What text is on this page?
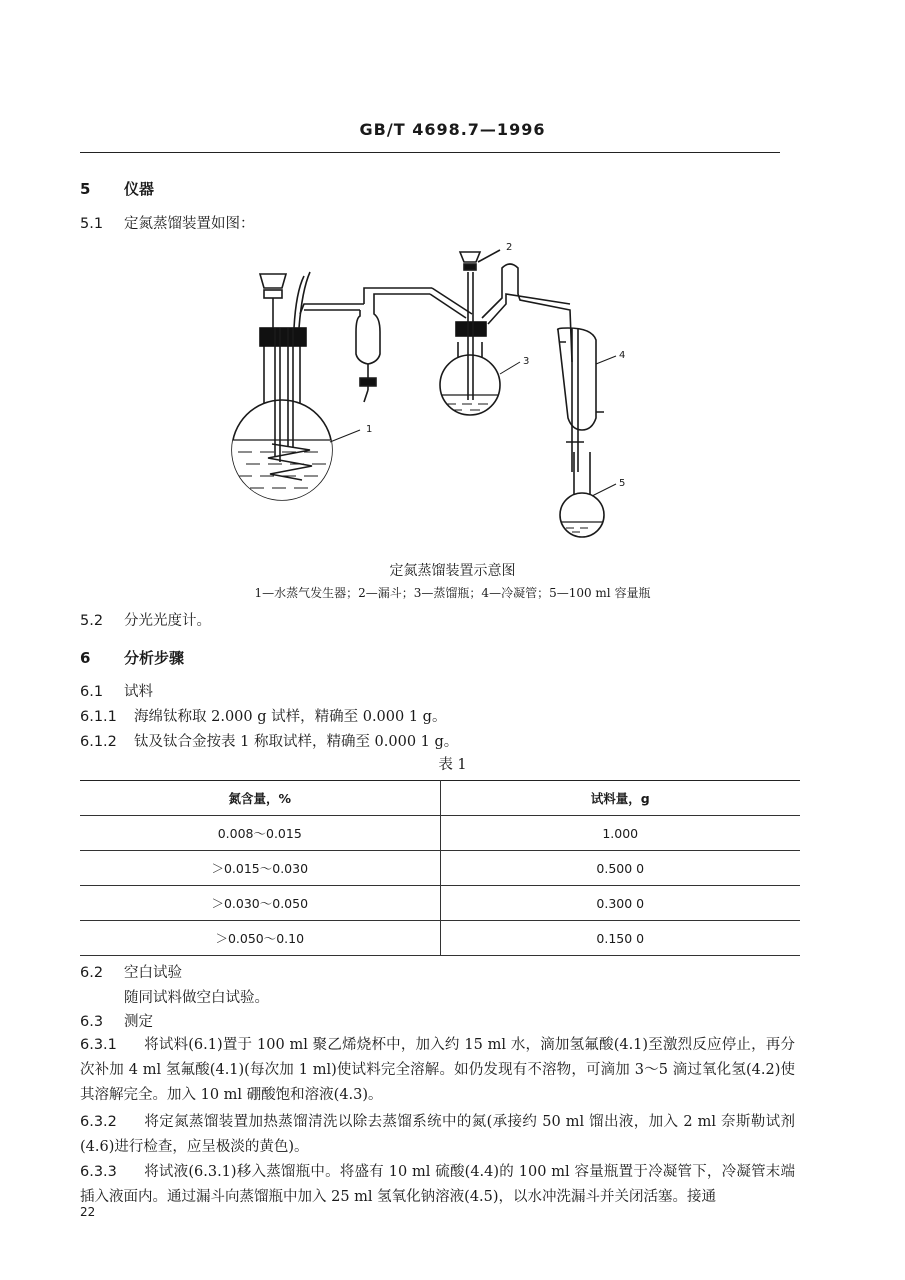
GB/T 4698.7—1996
5 仪器
5.1 定氮蒸馏装置如图：
1
2
3
4
5
定氮蒸馏装置示意图
1—水蒸气发生器；2—漏斗；3—蒸馏瓶；4—冷凝管；5—100 ml 容量瓶
5.2 分光光度计。
6 分析步骤
6.1 试料
6.1.1 海绵钛称取 2.000 g 试样，精确至 0.000 1 g。
6.1.2 钛及钛合金按表 1 称取试样，精确至 0.000 1 g。
表 1
氮含量，%	试料量，g
0.008～0.015	1.000
＞0.015～0.030	0.500 0
＞0.030～0.050	0.300 0
＞0.050～0.10	0.150 0
6.2 空白试验
随同试料做空白试验。
6.3 测定
6.3.1 将试料(6.1)置于 100 ml 聚乙烯烧杯中，加入约 15 ml 水，滴加氢氟酸(4.1)至激烈反应停止，再分次补加 4 ml 氢氟酸(4.1)(每次加 1 ml)使试料完全溶解。如仍发现有不溶物，可滴加 3～5 滴过氧化氢(4.2)使其溶解完全。加入 10 ml 硼酸饱和溶液(4.3)。
6.3.2 将定氮蒸馏装置加热蒸馏清洗以除去蒸馏系统中的氮(承接约 50 ml 馏出液，加入 2 ml 奈斯勒试剂(4.6)进行检查，应呈极淡的黄色)。
6.3.3 将试液(6.3.1)移入蒸馏瓶中。将盛有 10 ml 硫酸(4.4)的 100 ml 容量瓶置于冷凝管下，冷凝管末端插入液面内。通过漏斗向蒸馏瓶中加入 25 ml 氢氧化钠溶液(4.5)，以水冲洗漏斗并关闭活塞。接通
22
